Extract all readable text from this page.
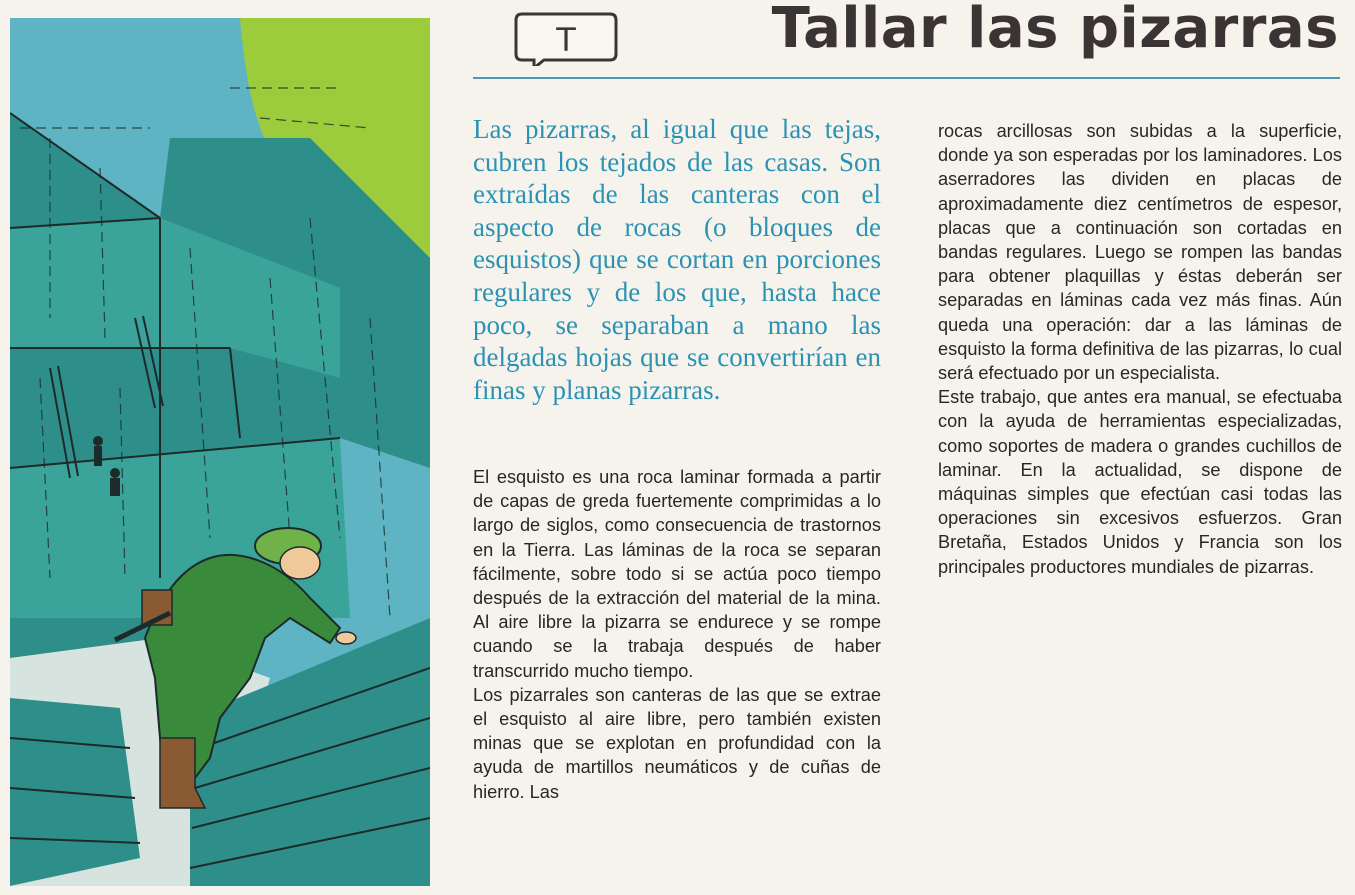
T	Tallar las pizarras

Las pizarras, al igual que las tejas, cubren los tejados de las casas. Son extraídas de las canteras con el aspecto de rocas (o bloques de esquistos) que se cortan en porciones regulares y de los que, hasta hace poco, se separaban a mano las delgadas hojas que se convertirían en finas y planas pizarras.

El esquisto es una roca laminar formada a partir de capas de greda fuertemente comprimidas a lo largo de siglos, como consecuencia de trastornos en la Tierra. Las láminas de la roca se separan fácilmente, sobre todo si se actúa poco tiempo después de la extracción del material de la mina. Al aire libre la pizarra se endurece y se rompe cuando se la trabaja después de haber transcurrido mucho tiempo.
Los pizarrales son canteras de las que se extrae el esquisto al aire libre, pero también existen minas que se explotan en profundidad con la ayuda de martillos neumáticos y de cuñas de hierro. Las
rocas arcillosas son subidas a la superficie, donde ya son esperadas por los laminadores. Los aserradores las dividen en placas de aproximadamente diez centímetros de espesor, placas que a continuación son cortadas en bandas regulares. Luego se rompen las bandas para obtener plaquillas y éstas deberán ser separadas en láminas cada vez más finas. Aún queda una operación: dar a las láminas de esquisto la forma definitiva de las pizarras, lo cual será efectuado por un especialista.
Este trabajo, que antes era manual, se efectuaba con la ayuda de herramientas especializadas, como soportes de madera o grandes cuchillos de laminar. En la actualidad, se dispone de máquinas simples que efectúan casi todas las operaciones sin excesivos esfuerzos. Gran Bretaña, Estados Unidos y Francia son los principales productores mundiales de pizarras.
